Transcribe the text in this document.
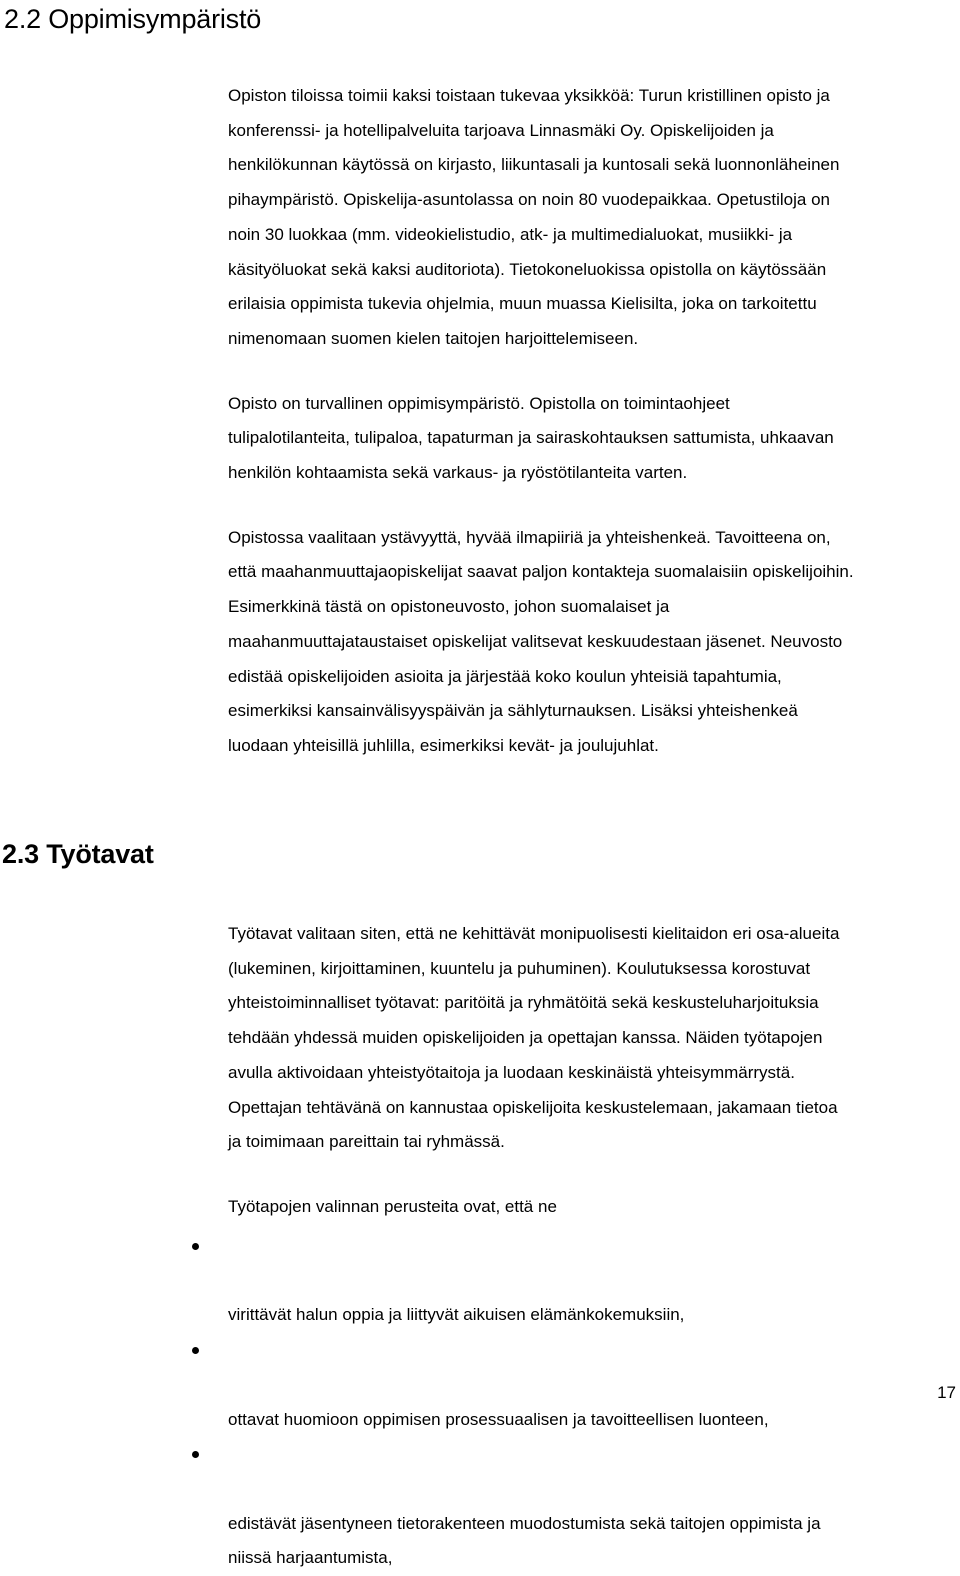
2.2 Oppimisympäristö

Opiston tiloissa toimii kaksi toistaan tukevaa yksikköä: Turun kristillinen opisto ja
konferenssi- ja hotellipalveluita tarjoava Linnasmäki Oy. Opiskelijoiden ja
henkilökunnan käytössä on kirjasto, liikuntasali ja kuntosali sekä luonnonläheinen
pihaympäristö. Opiskelija-asuntolassa on noin 80 vuodepaikkaa. Opetustiloja on
noin 30 luokkaa (mm. videokielistudio, atk- ja multimedialuokat, musiikki- ja
käsityöluokat sekä kaksi auditoriota). Tietokoneluokissa opistolla on käytössään
erilaisia oppimista tukevia ohjelmia, muun muassa Kielisilta, joka on tarkoitettu
nimenomaan suomen kielen taitojen harjoittelemiseen.

Opisto on turvallinen oppimisympäristö. Opistolla on toimintaohjeet
tulipalotilanteita, tulipaloa, tapaturman ja sairaskohtauksen sattumista, uhkaavan
henkilön kohtaamista sekä varkaus- ja ryöstötilanteita varten.

Opistossa vaalitaan ystävyyttä, hyvää ilmapiiriä ja yhteishenkeä. Tavoitteena on,
että maahanmuuttajaopiskelijat saavat paljon kontakteja suomalaisiin opiskelijoihin.
Esimerkkinä tästä on opistoneuvosto, johon suomalaiset ja
maahanmuuttajataustaiset opiskelijat valitsevat keskuudestaan jäsenet. Neuvosto
edistää opiskelijoiden asioita ja järjestää koko koulun yhteisiä tapahtumia,
esimerkiksi kansainvälisyyspäivän ja sählyturnauksen. Lisäksi yhteishenkeä
luodaan yhteisillä juhlilla, esimerkiksi kevät- ja joulujuhlat.

2.3 Työtavat

Työtavat valitaan siten, että ne kehittävät monipuolisesti kielitaidon eri osa-alueita
(lukeminen, kirjoittaminen, kuuntelu ja puhuminen). Koulutuksessa korostuvat
yhteistoiminnalliset työtavat: paritöitä ja ryhmätöitä sekä keskusteluharjoituksia
tehdään yhdessä muiden opiskelijoiden ja opettajan kanssa. Näiden työtapojen
avulla aktivoidaan yhteistyötaitoja ja luodaan keskinäistä yhteisymmärrystä.
Opettajan tehtävänä on kannustaa opiskelijoita keskustelemaan, jakamaan tietoa
ja toimimaan pareittain tai ryhmässä.

Työtapojen valinnan perusteita ovat, että ne

virittävät halun oppia ja liittyvät aikuisen elämänkokemuksiin,

ottavat huomioon oppimisen prosessuaalisen ja tavoitteellisen luonteen,

edistävät jäsentyneen tietorakenteen muodostumista sekä taitojen oppimista ja
niissä harjaantumista,

17
